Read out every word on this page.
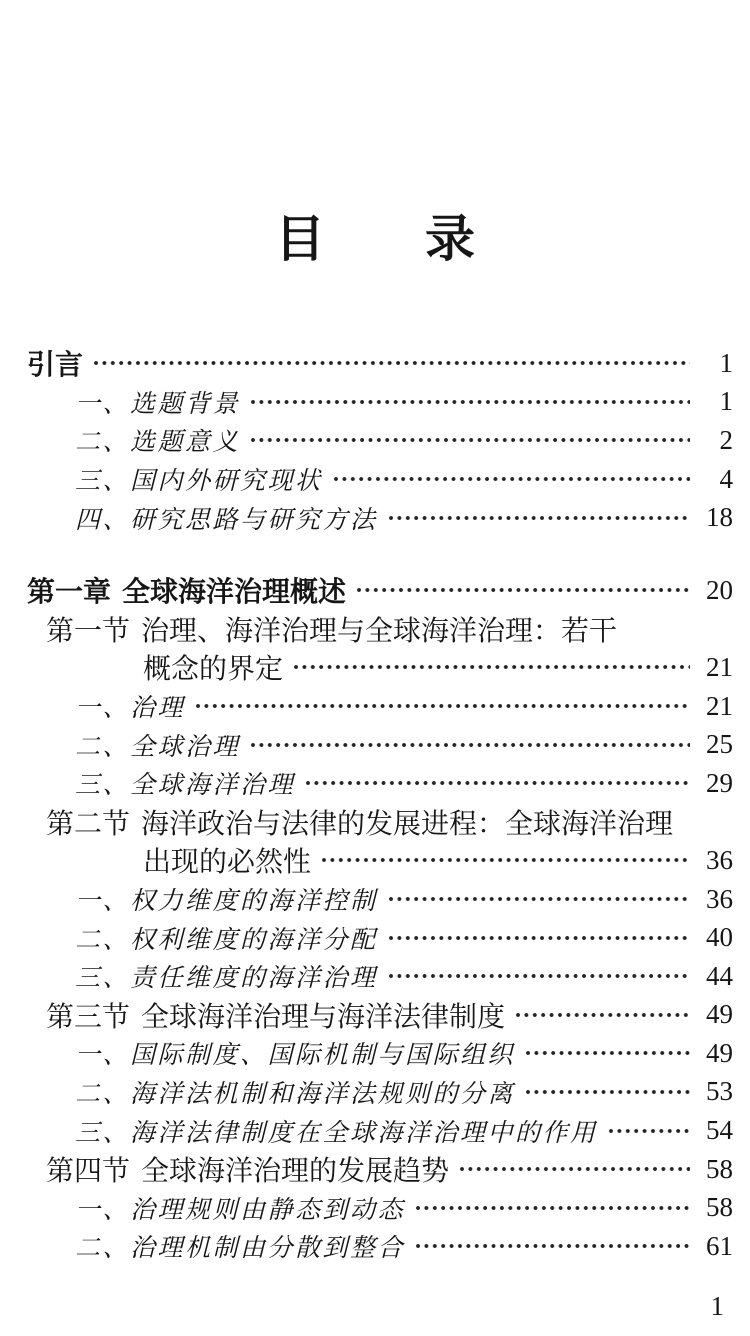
目　　录
引言	1
一、选题背景	1
二、选题意义	2
三、国内外研究现状	4
四、研究思路与研究方法	18
第一章 全球海洋治理概述	20
第一节 治理、海洋治理与全球海洋治理：若干
概念的界定	21
一、治理	21
二、全球治理	25
三、全球海洋治理	29
第二节 海洋政治与法律的发展进程：全球海洋治理
出现的必然性	36
一、权力维度的海洋控制	36
二、权利维度的海洋分配	40
三、责任维度的海洋治理	44
第三节 全球海洋治理与海洋法律制度	49
一、国际制度、国际机制与国际组织	49
二、海洋法机制和海洋法规则的分离	53
三、海洋法律制度在全球海洋治理中的作用	54
第四节 全球海洋治理的发展趋势	58
一、治理规则由静态到动态	58
二、治理机制由分散到整合	61
1
